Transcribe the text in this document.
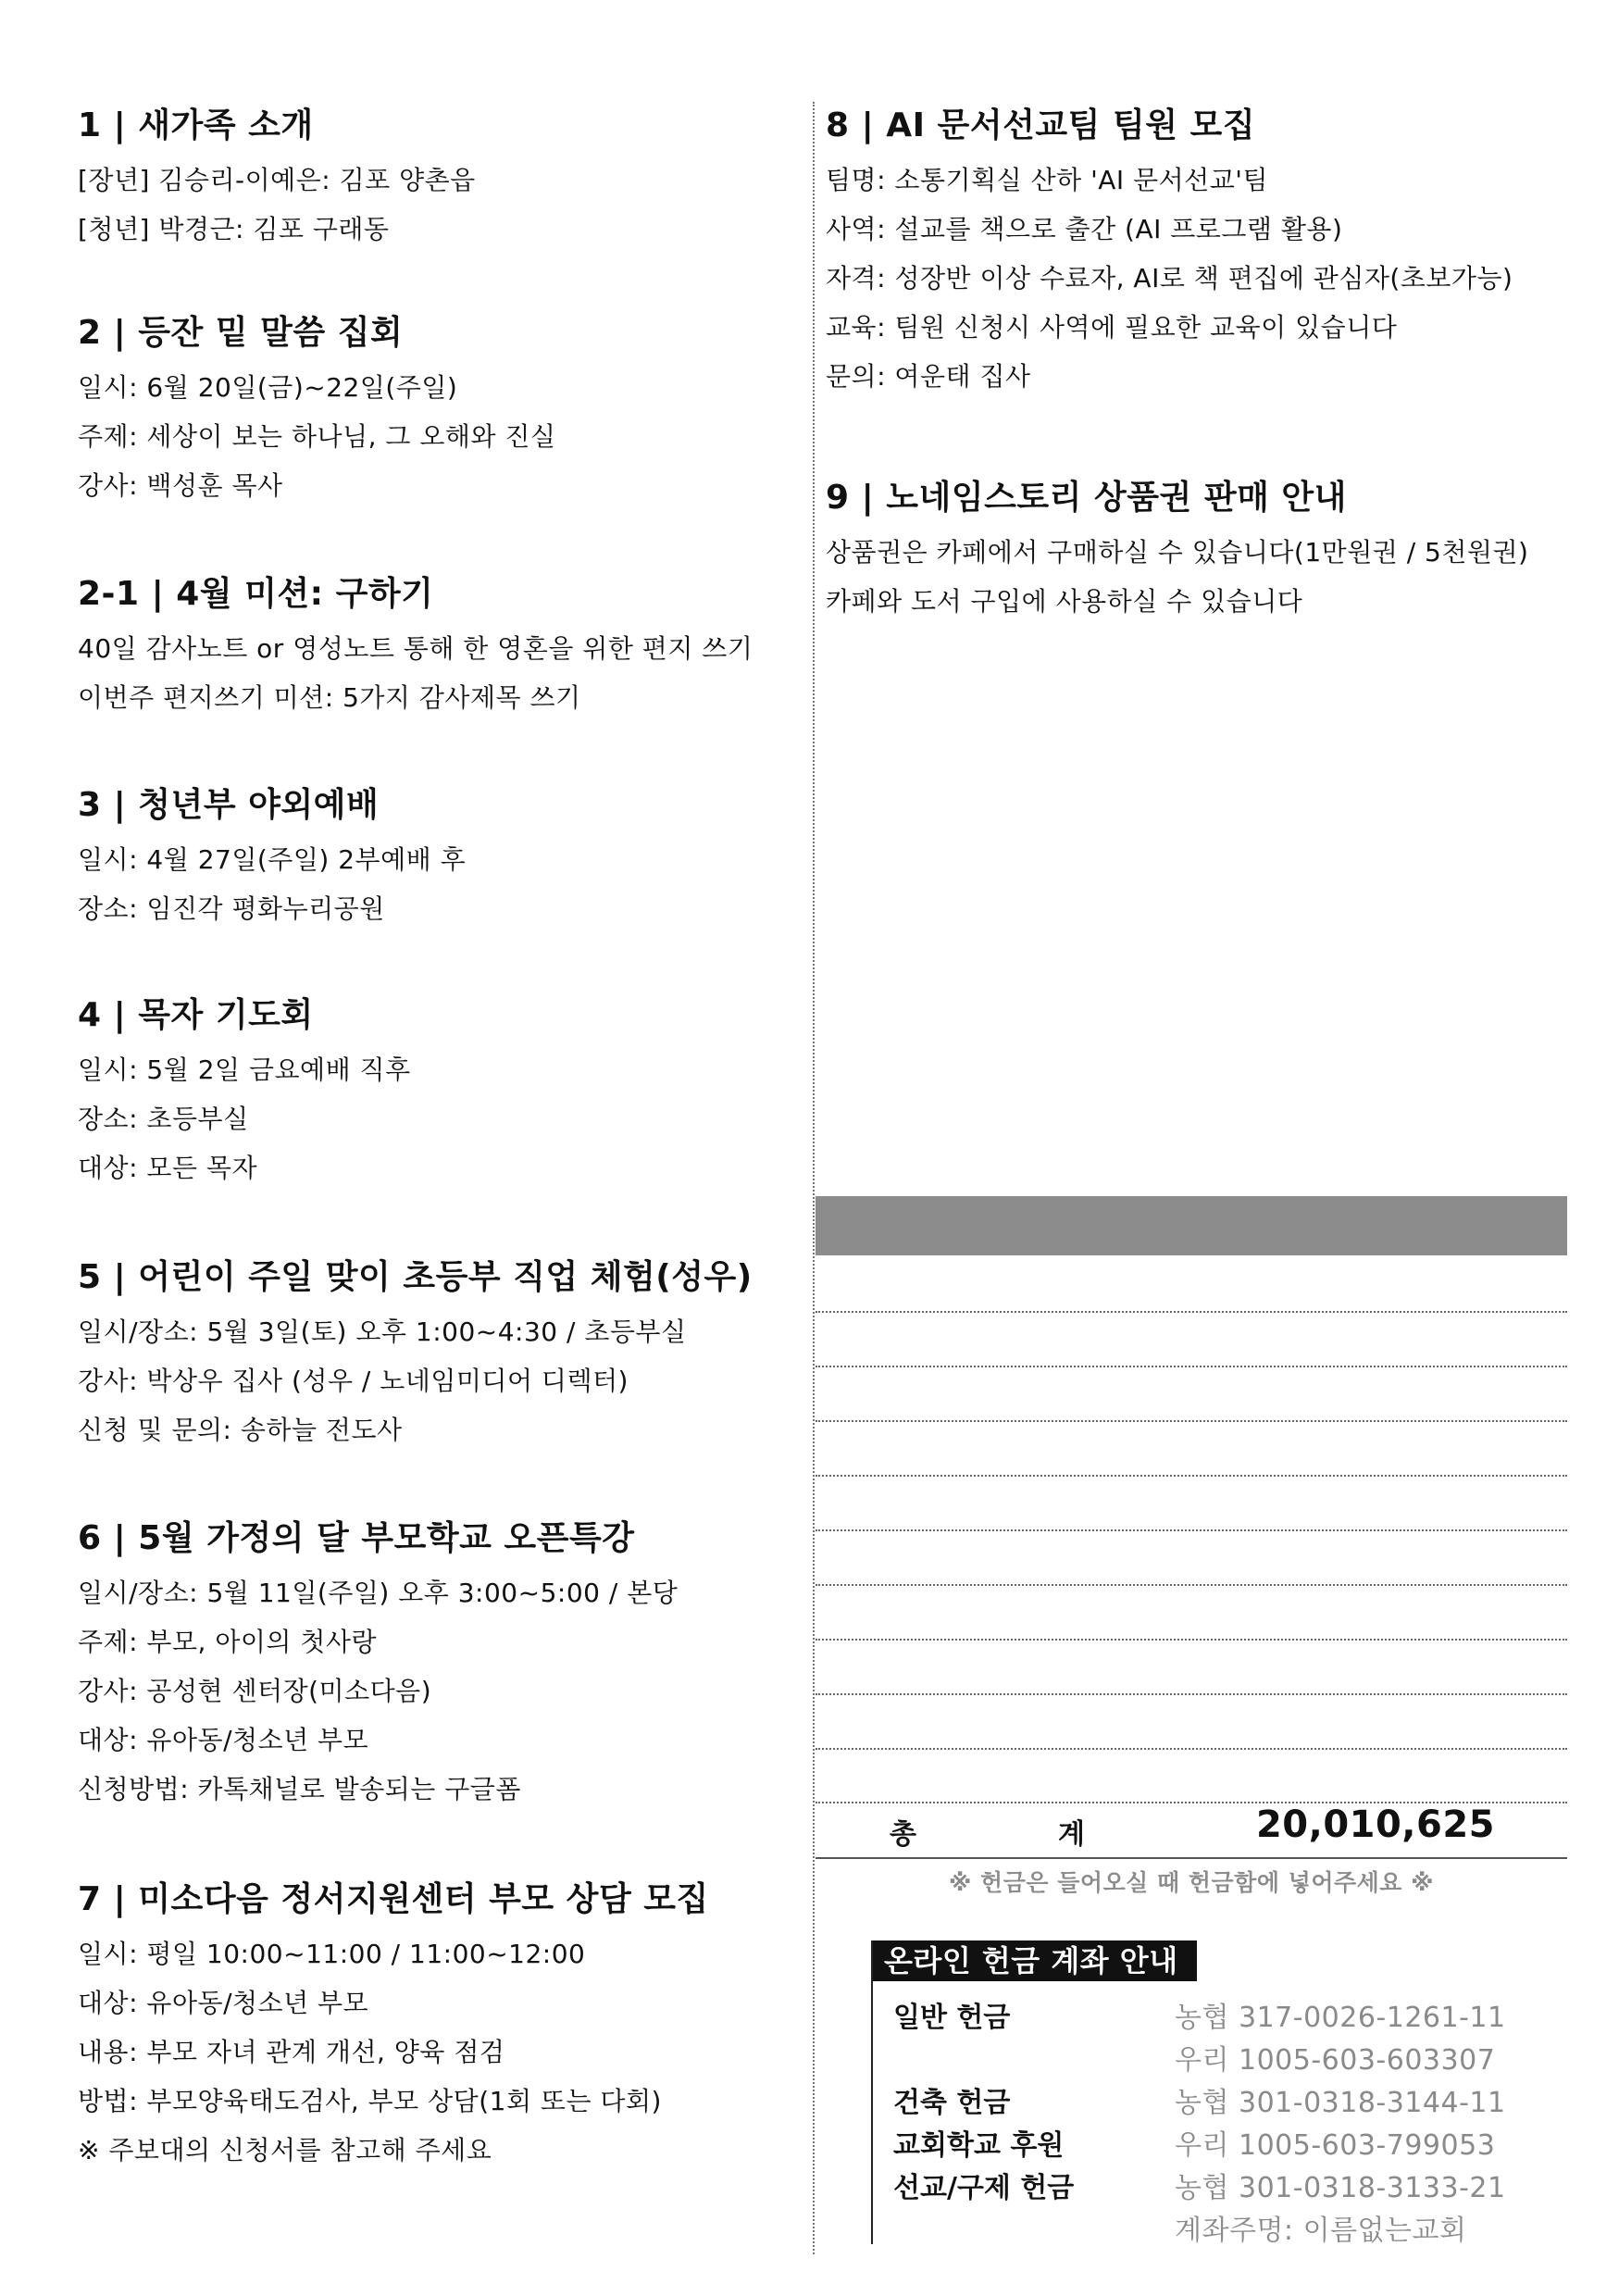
1 | 새가족 소개
[장년] 김승리-이예은: 김포 양촌읍
[청년] 박경근: 김포 구래동
2 | 등잔 밑 말씀 집회
일시: 6월 20일(금)~22일(주일)
주제: 세상이 보는 하나님, 그 오해와 진실
강사: 백성훈 목사
2-1 | 4월 미션: 구하기
40일 감사노트 or 영성노트 통해 한 영혼을 위한 편지 쓰기
이번주 편지쓰기 미션: 5가지 감사제목 쓰기
3 | 청년부 야외예배
일시: 4월 27일(주일) 2부예배 후
장소: 임진각 평화누리공원
4 | 목자 기도회
일시: 5월 2일 금요예배 직후
장소: 초등부실
대상: 모든 목자
5 | 어린이 주일 맞이 초등부 직업 체험(성우)
일시/장소: 5월 3일(토) 오후 1:00~4:30 / 초등부실
강사: 박상우 집사 (성우 / 노네임미디어 디렉터)
신청 및 문의: 송하늘 전도사
6 | 5월 가정의 달 부모학교 오픈특강
일시/장소: 5월 11일(주일) 오후 3:00~5:00 / 본당
주제: 부모, 아이의 첫사랑
강사: 공성현 센터장(미소다음)
대상: 유아동/청소년 부모
신청방법: 카톡채널로 발송되는 구글폼
7 | 미소다음 정서지원센터 부모 상담 모집
일시: 평일 10:00~11:00 / 11:00~12:00
대상: 유아동/청소년 부모
내용: 부모 자녀 관계 개선, 양육 점검
방법: 부모양육태도검사, 부모 상담(1회 또는 다회)
※ 주보대의 신청서를 참고해 주세요
8 | AI 문서선교팀 팀원 모집
팀명: 소통기획실 산하 'AI 문서선교'팀
사역: 설교를 책으로 출간 (AI 프로그램 활용)
자격: 성장반 이상 수료자, AI로 책 편집에 관심자(초보가능)
교육: 팀원 신청시 사역에 필요한 교육이 있습니다
문의: 여운태 집사
9 | 노네임스토리 상품권 판매 안내
상품권은 카페에서 구매하실 수 있습니다(1만원권 / 5천원권)
카페와 도서 구입에 사용하실 수 있습니다
총	계	20,010,625
※ 헌금은 들어오실 때 헌금함에 넣어주세요 ※
온라인 헌금 계좌 안내
일반 헌금	농협 317-0026-1261-11
우리 1005-603-603307
건축 헌금	농협 301-0318-3144-11
교회학교 후원	우리 1005-603-799053
선교/구제 헌금	농협 301-0318-3133-21
계좌주명: 이름없는교회
